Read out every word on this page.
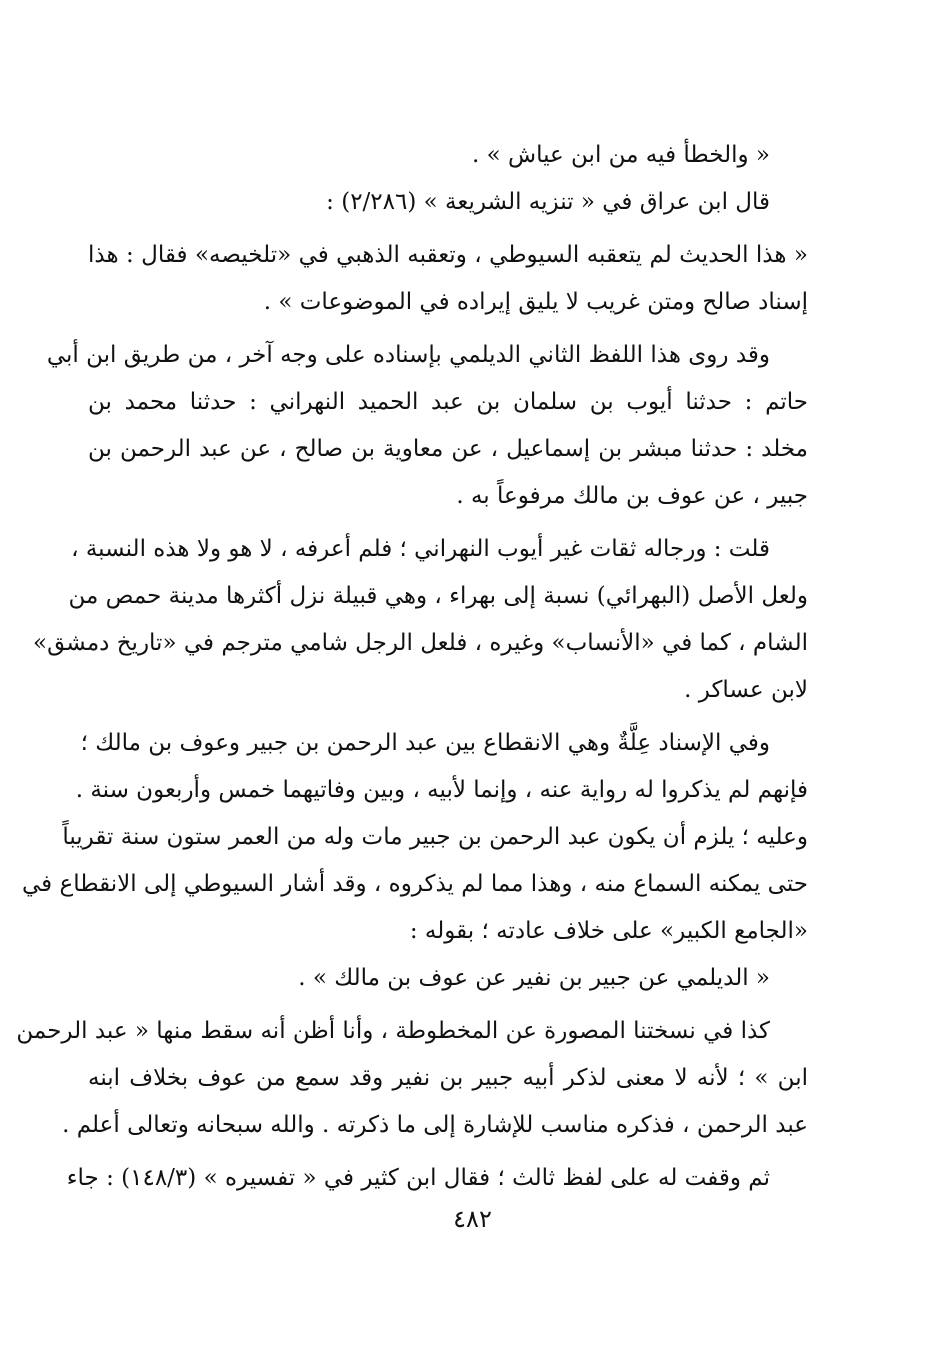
« والخطأ فيه من ابن عياش » .
قال ابن عراق في « تنزيه الشريعة » (٢/٢٨٦) :
« هذا الحديث لم يتعقبه السيوطي ، وتعقبه الذهبي في «تلخيصه» فقال : هذا
إسناد صالح ومتن غريب لا يليق إيراده في الموضوعات » .
وقد روى هذا اللفظ الثاني الديلمي بإسناده على وجه آخر ، من طريق ابن أبي
حاتم : حدثنا أيوب بن سلمان بن عبد الحميد النهراني : حدثنا محمد بن
مخلد : حدثنا مبشر بن إسماعيل ، عن معاوية بن صالح ، عن عبد الرحمن بن
جبير ، عن عوف بن مالك مرفوعاً به .
قلت : ورجاله ثقات غير أيوب النهراني ؛ فلم أعرفه ، لا هو ولا هذه النسبة ،
ولعل الأصل (البهرائي) نسبة إلى بهراء ، وهي قبيلة نزل أكثرها مدينة حمص من
الشام ، كما في «الأنساب» وغيره ، فلعل الرجل شامي مترجم في «تاريخ دمشق»
لابن عساكر .
وفي الإسناد عِلَّةٌ وهي الانقطاع بين عبد الرحمن بن جبير وعوف بن مالك ؛
فإنهم لم يذكروا له رواية عنه ، وإنما لأبيه ، وبين وفاتيهما خمس وأربعون سنة .
وعليه ؛ يلزم أن يكون عبد الرحمن بن جبير مات وله من العمر ستون سنة تقريباً
حتى يمكنه السماع منه ، وهذا مما لم يذكروه ، وقد أشار السيوطي إلى الانقطاع في
«الجامع الكبير» على خلاف عادته ؛ بقوله :
« الديلمي عن جبير بن نفير عن عوف بن مالك » .
كذا في نسختنا المصورة عن المخطوطة ، وأنا أظن أنه سقط منها « عبد الرحمن
ابن » ؛ لأنه لا معنى لذكر أبيه جبير بن نفير وقد سمع من عوف بخلاف ابنه
عبد الرحمن ، فذكره مناسب للإشارة إلى ما ذكرته . والله سبحانه وتعالى أعلم .
ثم وقفت له على لفظ ثالث ؛ فقال ابن كثير في « تفسيره » (١٤٨/٣) : جاء
٤٨٢
